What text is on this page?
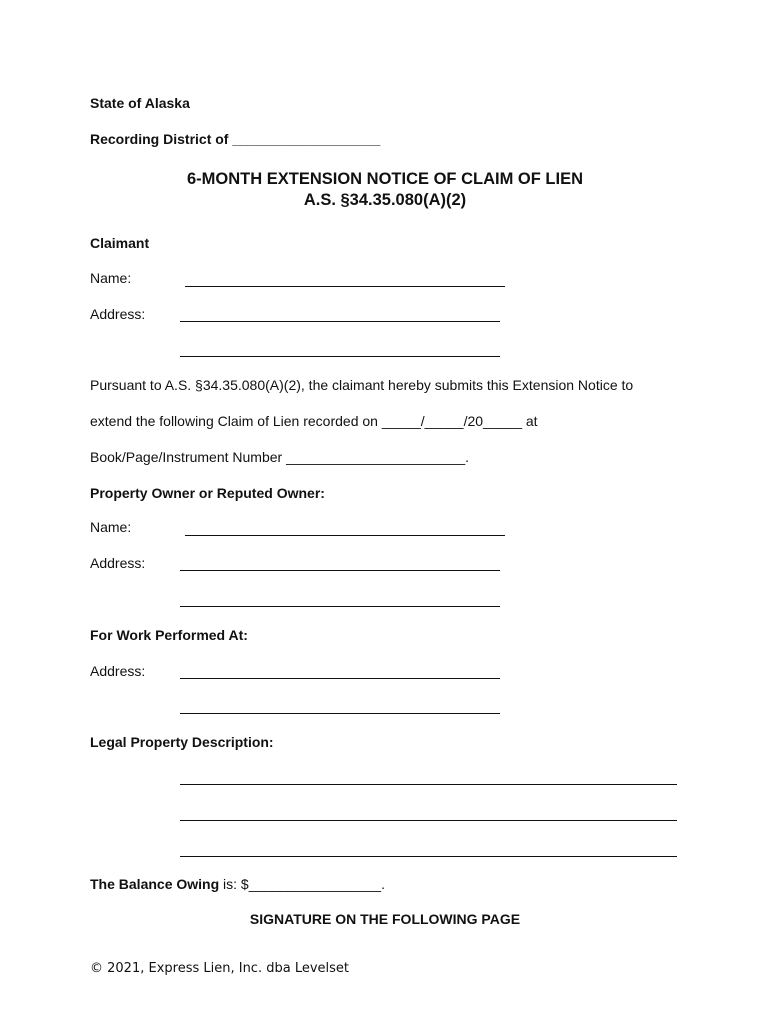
State of Alaska
Recording District of ___________________
6-MONTH EXTENSION NOTICE OF CLAIM OF LIEN
A.S. §34.35.080(A)(2)
Claimant
Name:
Address:
Pursuant to A.S. §34.35.080(A)(2), the claimant hereby submits this Extension Notice to
extend the following Claim of Lien recorded on _____/_____/20_____ at
Book/Page/Instrument Number _______________________.
Property Owner or Reputed Owner:
Name:
Address:
For Work Performed At:
Address:
Legal Property Description:
The Balance Owing is: $_________________.
SIGNATURE ON THE FOLLOWING PAGE
© 2021, Express Lien, Inc. dba Levelset
